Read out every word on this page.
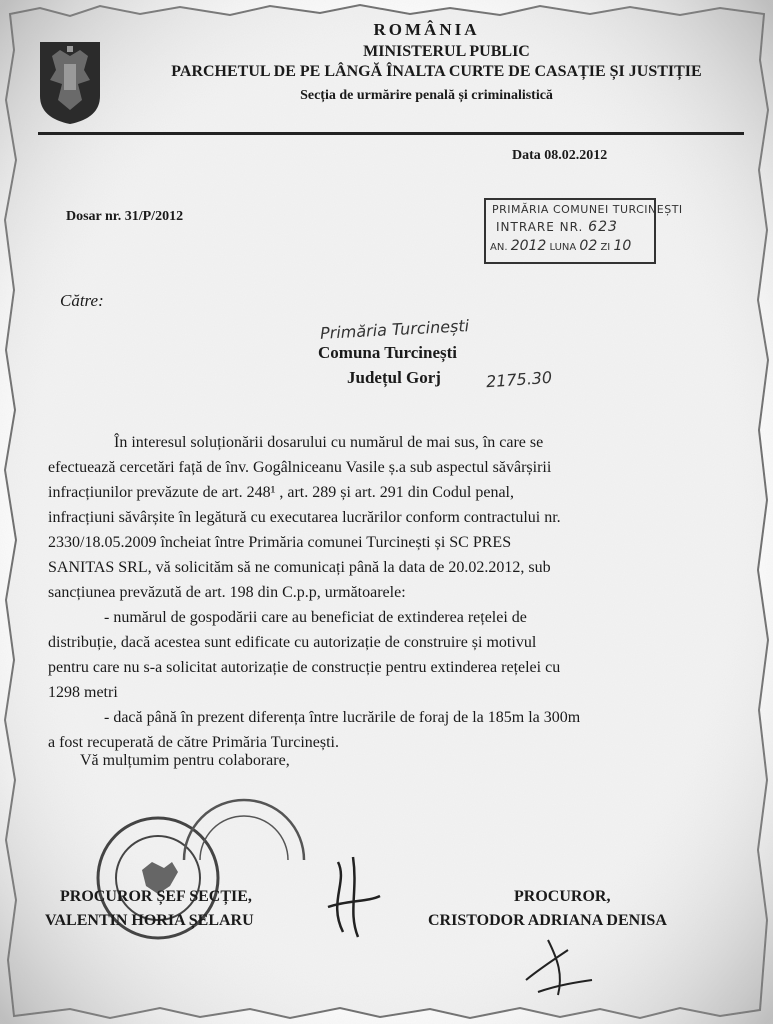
ROMÂNIA
MINISTERUL PUBLIC
PARCHETUL DE PE LÂNGĂ ÎNALTA CURTE DE CASAȚIE ȘI JUSTIȚIE
Secția de urmărire penală și criminalistică
Data 08.02.2012
Dosar nr. 31/P/2012	PRIMĂRIA COMUNEI TURCINEȘTI
INTRARE NR. 623
AN. 2012 LUNA 02 ZI 10
Către:
Primăria Turcinești
Comuna Turcinești
Județul Gorj	2175.30
În interesul soluționării dosarului cu numărul de mai sus, în care se
efectuează cercetări față de înv. Gogâlniceanu Vasile ș.a sub aspectul săvârșirii
infracțiunilor prevăzute de art. 248¹ , art. 289 și art. 291 din Codul penal,
infracțiuni săvârșite în legătură cu executarea lucrărilor conform contractului nr.
2330/18.05.2009 încheiat între Primăria comunei Turcinești și SC PRES
SANITAS SRL, vă solicităm să ne comunicați până la data de 20.02.2012, sub
sancțiunea prevăzută de art. 198 din C.p.p, următoarele:
- numărul de gospodării care au beneficiat de extinderea rețelei de
distribuție, dacă acestea sunt edificate cu autorizație de construire și motivul
pentru care nu s-a solicitat autorizație de construcție pentru extinderea rețelei cu
1298 metri
- dacă până în prezent diferența între lucrările de foraj de la 185m la 300m
a fost recuperată de către Primăria Turcinești.
Vă mulțumim pentru colaborare,
PROCUROR ȘEF SECȚIE,
VALENTIN HORIA ȘELARU
PROCUROR,
CRISTODOR ADRIANA DENISA
